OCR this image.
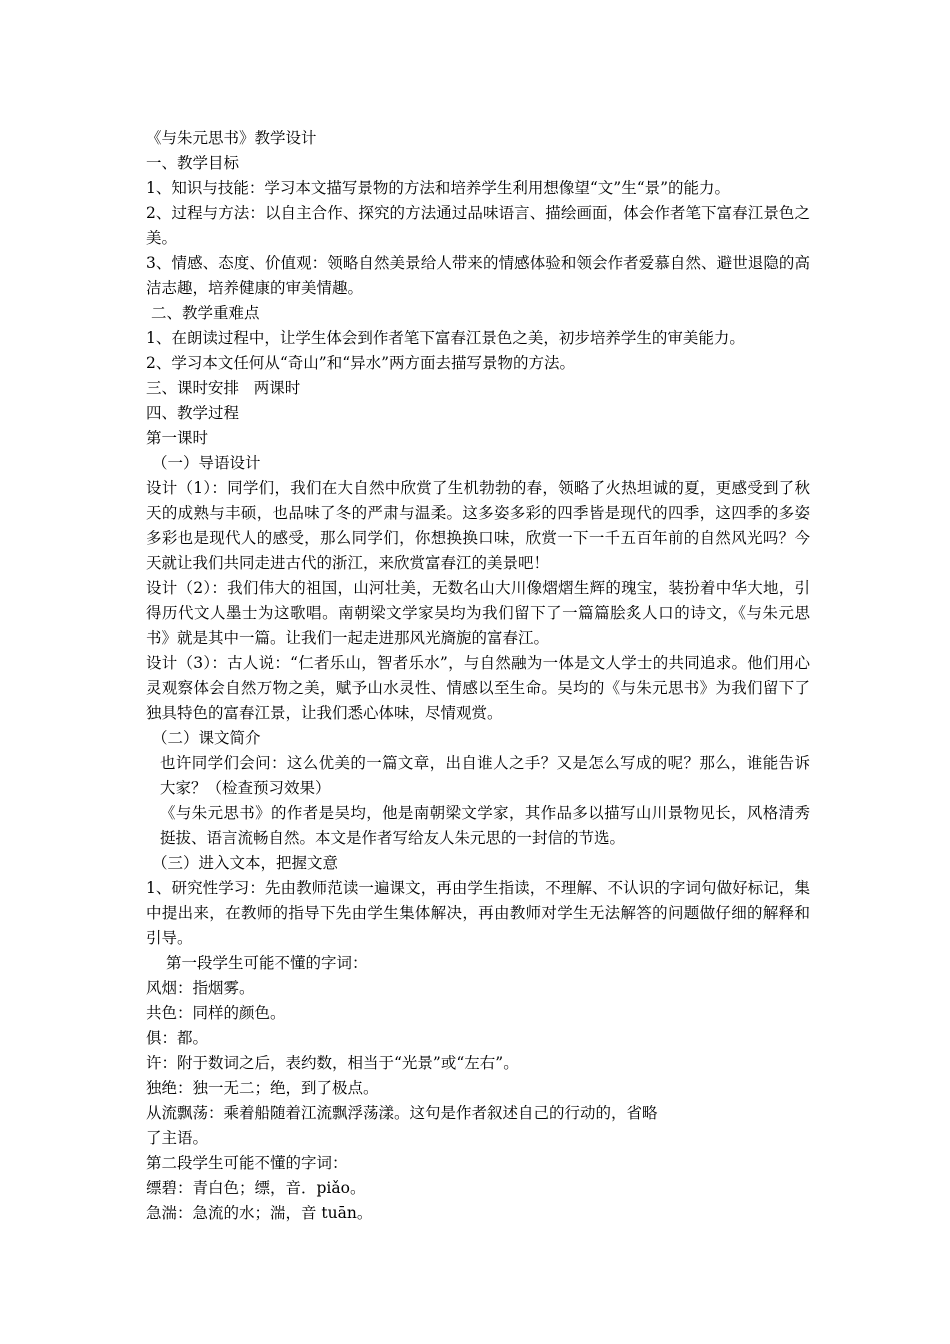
《与朱元思书》教学设计
一、教学目标
1、知识与技能：学习本文描写景物的方法和培养学生利用想像望“文”生“景”的能力。
2、过程与方法：以自主合作、探究的方法通过品味语言、描绘画面，体会作者笔下富春江景色之美。
3、情感、态度、价值观：领略自然美景给人带来的情感体验和领会作者爱慕自然、避世退隐的高洁志趣，培养健康的审美情趣。
二、教学重难点
1、在朗读过程中，让学生体会到作者笔下富春江景色之美，初步培养学生的审美能力。
2、学习本文任何从“奇山”和“异水”两方面去描写景物的方法。
三、课时安排   两课时
四、教学过程
第一课时
（一）导语设计
设计（1）：同学们，我们在大自然中欣赏了生机勃勃的春，领略了火热坦诚的夏，更感受到了秋天的成熟与丰硕，也品味了冬的严肃与温柔。这多姿多彩的四季皆是现代的四季，这四季的多姿多彩也是现代人的感受，那么同学们，你想换换口味，欣赏一下一千五百年前的自然风光吗？今天就让我们共同走进古代的浙江，来欣赏富春江的美景吧！
设计（2）：我们伟大的祖国，山河壮美，无数名山大川像熠熠生辉的瑰宝，装扮着中华大地，引得历代文人墨士为这歌唱。南朝梁文学家吴均为我们留下了一篇篇脍炙人口的诗文，《与朱元思书》就是其中一篇。让我们一起走进那风光旖旎的富春江。
设计（3）：古人说：“仁者乐山，智者乐水”，与自然融为一体是文人学士的共同追求。他们用心灵观察体会自然万物之美，赋予山水灵性、情感以至生命。吴均的《与朱元思书》为我们留下了独具特色的富春江景，让我们悉心体味，尽情观赏。
（二）课文简介
也许同学们会问：这么优美的一篇文章，出自谁人之手？又是怎么写成的呢？那么，谁能告诉大家？（检查预习效果）
《与朱元思书》的作者是吴均，他是南朝梁文学家，其作品多以描写山川景物见长，风格清秀挺拔、语言流畅自然。本文是作者写给友人朱元思的一封信的节选。
（三）进入文本，把握文意
1、研究性学习：先由教师范读一遍课文，再由学生指读，不理解、不认识的字词句做好标记，集中提出来，在教师的指导下先由学生集体解决，再由教师对学生无法解答的问题做仔细的解释和引导。
第一段学生可能不懂的字词：
风烟：指烟雾。
共色：同样的颜色。
俱：都。
许：附于数词之后，表约数，相当于“光景”或“左右”。
独绝：独一无二；绝，到了极点。
从流飘荡：乘着船随着江流飘浮荡漾。这句是作者叙述自己的行动的，省略
了主语。
第二段学生可能不懂的字词：
缥碧：青白色；缥，音．piǎo。
急湍：急流的水；湍，音 tuān。
